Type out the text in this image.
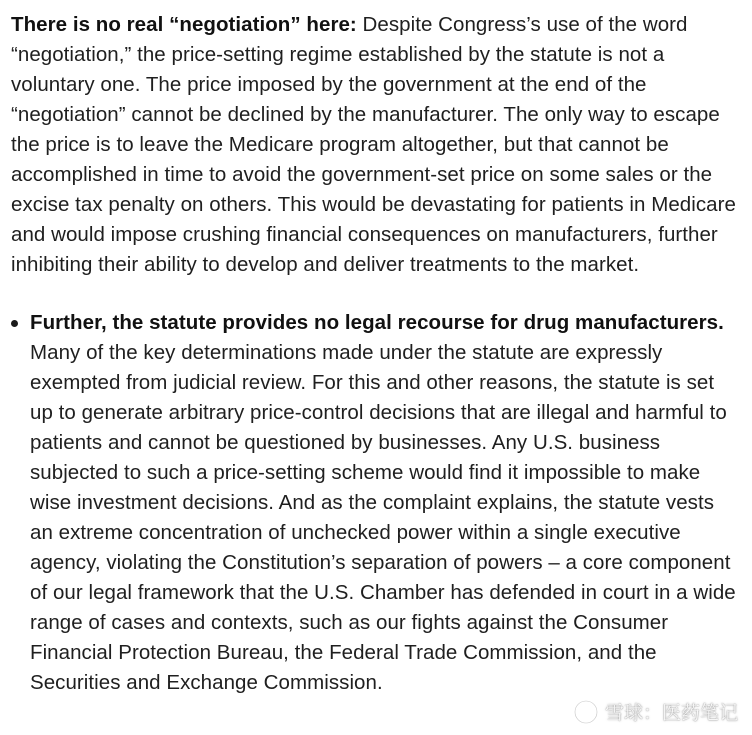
There is no real “negotiation” here: Despite Congress’s use of the word “negotiation,” the price-setting regime established by the statute is not a voluntary one. The price imposed by the government at the end of the “negotiation” cannot be declined by the manufacturer. The only way to escape the price is to leave the Medicare program altogether, but that cannot be accomplished in time to avoid the government-set price on some sales or the excise tax penalty on others. This would be devastating for patients in Medicare and would impose crushing financial consequences on manufacturers, further inhibiting their ability to develop and deliver treatments to the market.

Further, the statute provides no legal recourse for drug manufacturers. Many of the key determinations made under the statute are expressly exempted from judicial review. For this and other reasons, the statute is set up to generate arbitrary price-control decisions that are illegal and harmful to patients and cannot be questioned by businesses. Any U.S. business subjected to such a price-setting scheme would find it impossible to make wise investment decisions. And as the complaint explains, the statute vests an extreme concentration of unchecked power within a single executive agency, violating the Constitution’s separation of powers – a core component of our legal framework that the U.S. Chamber has defended in court in a wide range of cases and contexts, such as our fights against the Consumer Financial Protection Bureau, the Federal Trade Commission, and the Securities and Exchange Commission.
雪球：医药笔记
